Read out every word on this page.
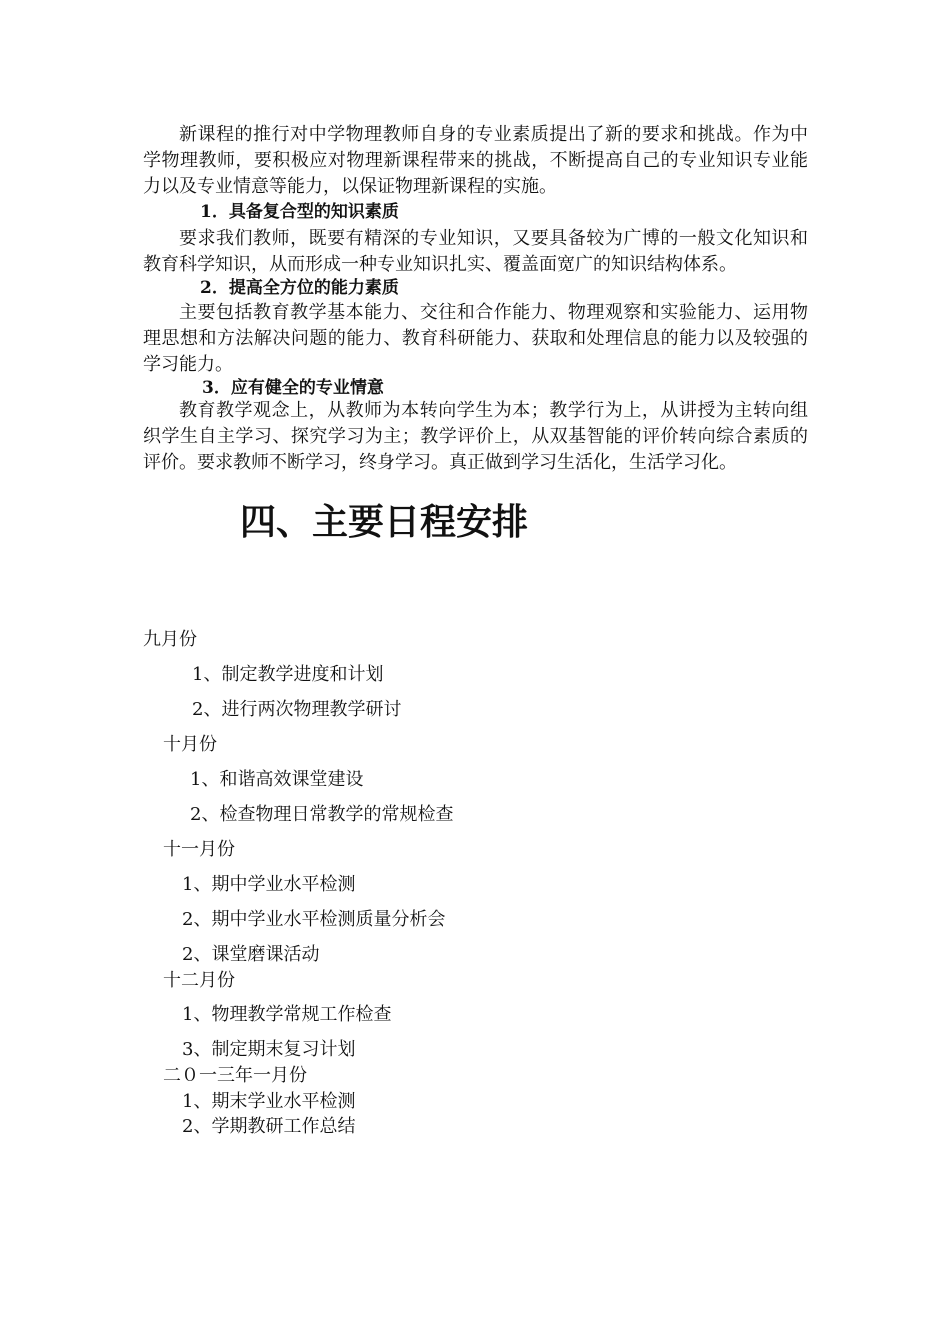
新课程的推行对中学物理教师自身的专业素质提出了新的要求和挑战。作为中学物理教师，要积极应对物理新课程带来的挑战，不断提高自己的专业知识专业能力以及专业情意等能力，以保证物理新课程的实施。

1．具备复合型的知识素质

要求我们教师，既要有精深的专业知识，又要具备较为广博的一般文化知识和教育科学知识，从而形成一种专业知识扎实、覆盖面宽广的知识结构体系。

2．提高全方位的能力素质

主要包括教育教学基本能力、交往和合作能力、物理观察和实验能力、运用物理思想和方法解决问题的能力、教育科研能力、获取和处理信息的能力以及较强的学习能力。

3．应有健全的专业情意

教育教学观念上，从教师为本转向学生为本；教学行为上，从讲授为主转向组织学生自主学习、探究学习为主；教学评价上，从双基智能的评价转向综合素质的评价。要求教师不断学习，终身学习。真正做到学习生活化，生活学习化。

四、主要日程安排

九月份

1、制定教学进度和计划

2、进行两次物理教学研讨

十月份

1、和谐高效课堂建设

2、检查物理日常教学的常规检查

十一月份

1、期中学业水平检测

2、期中学业水平检测质量分析会

2、课堂磨课活动

十二月份

1、物理教学常规工作检查

3、制定期末复习计划

二０一三年一月份

1、期末学业水平检测

2、学期教研工作总结
